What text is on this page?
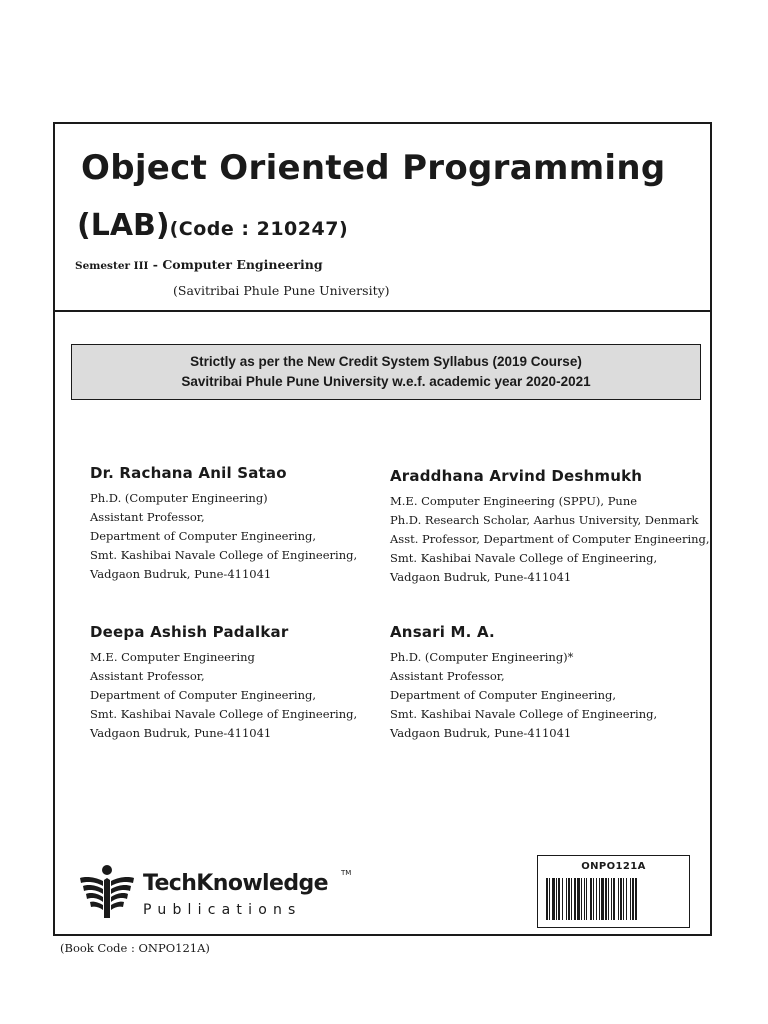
Object Oriented Programming
(LAB)(Code : 210247)
Semester III - Computer Engineering
(Savitribai Phule Pune University)
Strictly as per the New Credit System Syllabus (2019 Course)
Savitribai Phule Pune University w.e.f. academic year 2020-2021

Dr. Rachana Anil Satao

Ph.D. (Computer Engineering)

Assistant Professor,

Department of Computer Engineering,

Smt. Kashibai Navale College of Engineering,

Vadgaon Budruk, Pune-411041

Araddhana Arvind Deshmukh

M.E. Computer Engineering (SPPU), Pune

Ph.D. Research Scholar, Aarhus University, Denmark

Asst. Professor, Department of Computer Engineering,

Smt. Kashibai Navale College of Engineering,

Vadgaon Budruk, Pune-411041

Deepa Ashish Padalkar

M.E. Computer Engineering

Assistant Professor,

Department of Computer Engineering,

Smt. Kashibai Navale College of Engineering,

Vadgaon Budruk, Pune-411041

Ansari M. A.

Ph.D. (Computer Engineering)*

Assistant Professor,

Department of Computer Engineering,

Smt. Kashibai Navale College of Engineering,

Vadgaon Budruk, Pune-411041

TechKnowledge TM
Publications
ONPO121A
(Book Code : ONPO121A)
